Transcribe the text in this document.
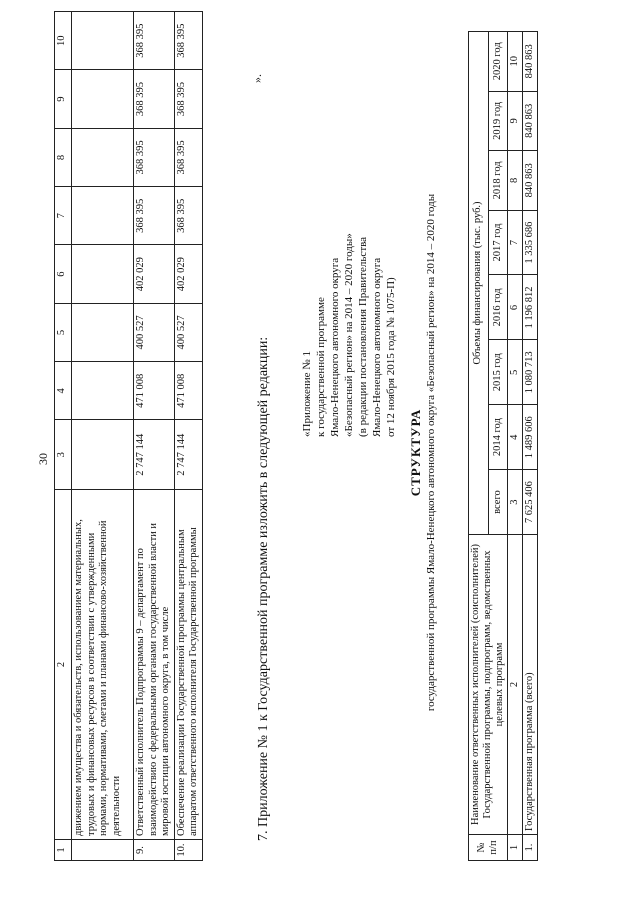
30
1	2	3	4	5	6	7	8	9	10
	движением имущества и обязательств, использованием материальных, трудовых и финансовых ресурсов в соответствии с утвержденными нормами, нормативами, сметами и планами финансово-хозяйственной деятельности								
9.	Ответственный исполнитель Подпрограммы 9 – департамент по взаимодействию с федеральными органами государственной власти и мировой юстиции автономного округа, в том числе	2 747 144	471 008	400 527	402 029	368 395	368 395	368 395	368 395
10.	Обеспечение реализации Государственной программы центральным аппаратом ответственного исполнителя Государственной программы	2 747 144	471 008	400 527	402 029	368 395	368 395	368 395	368 395
7. Приложение № 1 к Государственной программе изложить в следующей редакции:
».
«Приложение № 1 к государственной программе Ямало-Ненецкого автономного округа «Безопасный регион» на 2014 – 2020 годы» (в редакции постановления Правительства Ямало-Ненецкого автономного округа от 12 ноября 2015 года № 1075-П)
СТРУКТУРА государственной программы Ямало-Ненецкого автономного округа «Безопасный регион» на 2014 – 2020 годы
№ п/п	Наименование ответственных исполнителей (соисполнителей) Государственной программы, подпрограмм, ведомственных целевых программ	Объемы финансирования (тыс. руб.)							
		всего	2014 год	2015 год	2016 год	2017 год	2018 год	2019 год	2020 год
1	2	3	4	5	6	7	8	9	10
1.	Государственная программа (всего)	7 625 406	1 489 606	1 080 713	1 196 812	1 335 686	840 863	840 863	840 863
